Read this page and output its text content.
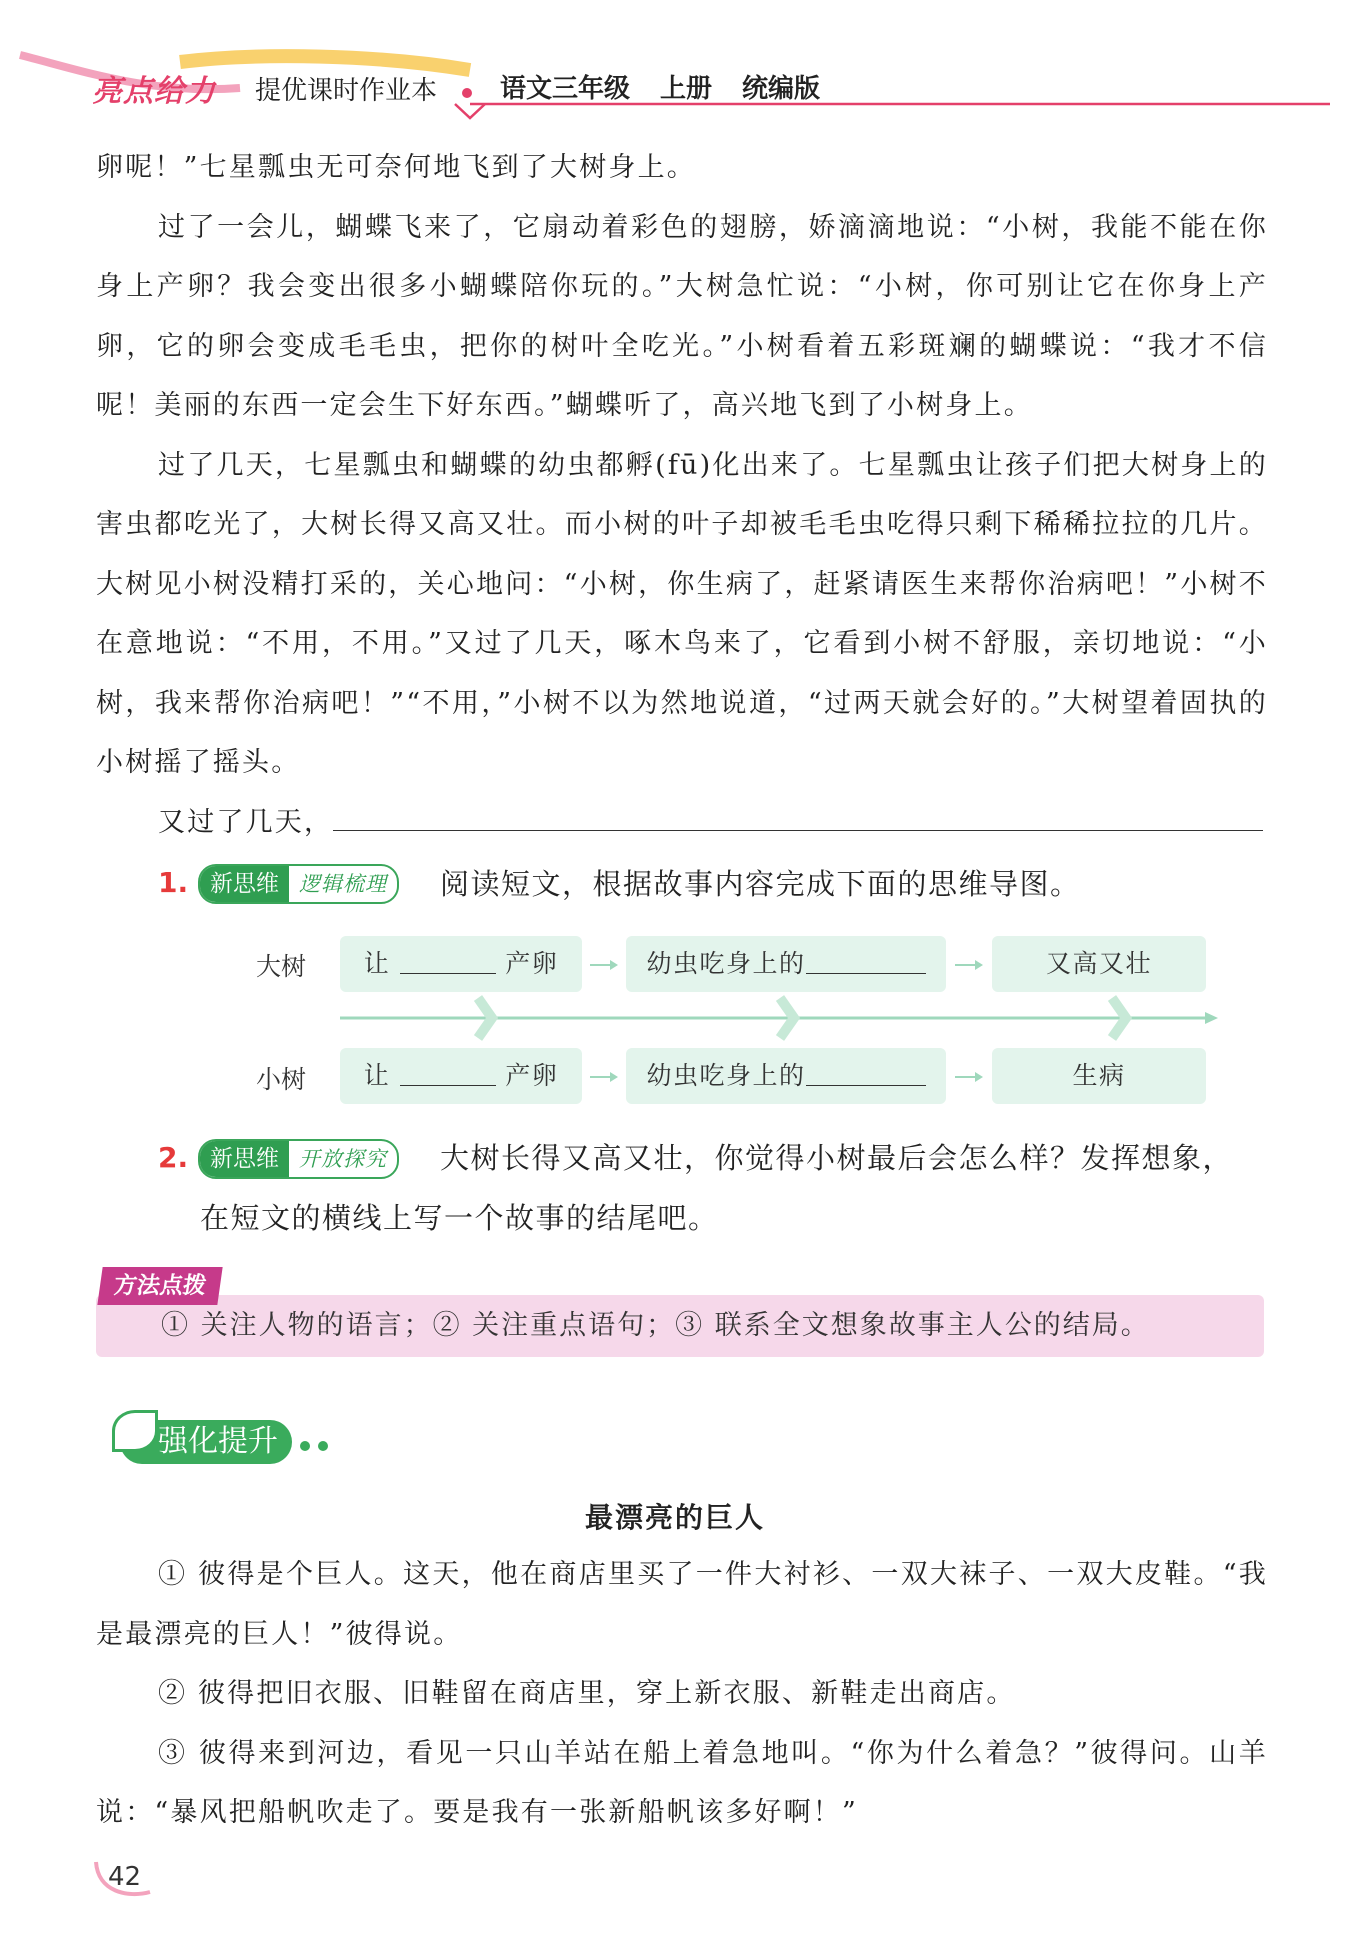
亮点给力 提优课时作业本 语文三年级 上册 统编版
卵呢！”七星瓢虫无可奈何地飞到了大树身上。
过了一会儿，蝴蝶飞来了，它扇动着彩色的翅膀，娇滴滴地说：“小树，我能不能在你身上产卵？我会变出很多小蝴蝶陪你玩的。”大树急忙说：“小树，你可别让它在你身上产卵，它的卵会变成毛毛虫，把你的树叶全吃光。”小树看着五彩斑斓的蝴蝶说：“我才不信呢！美丽的东西一定会生下好东西。”蝴蝶听了，高兴地飞到了小树身上。
过了几天，七星瓢虫和蝴蝶的幼虫都孵(fū)化出来了。七星瓢虫让孩子们把大树身上的害虫都吃光了，大树长得又高又壮。而小树的叶子却被毛毛虫吃得只剩下稀稀拉拉的几片。大树见小树没精打采的，关心地问：“小树，你生病了，赶紧请医生来帮你治病吧！”小树不在意地说：“不用，不用。”又过了几天，啄木鸟来了，它看到小树不舒服，亲切地说：“小树，我来帮你治病吧！”“不用，”小树不以为然地说道，“过两天就会好的。”大树望着固执的小树摇了摇头。
又过了几天，
1. 新思维 逻辑梳理	阅读短文，根据故事内容完成下面的思维导图。
大树	让	产卵	幼虫吃身上的	又高又壮
小树	让	产卵	幼虫吃身上的	生病
2. 新思维 开放探究	大树长得又高又壮，你觉得小树最后会怎么样？发挥想象，
在短文的横线上写一个故事的结尾吧。
① 关注人物的语言；② 关注重点语句；③ 联系全文想象故事主人公的结局。
方法点拨
强化提升
最漂亮的巨人
① 彼得是个巨人。这天，他在商店里买了一件大衬衫、一双大袜子、一双大皮鞋。“我是最漂亮的巨人！”彼得说。
② 彼得把旧衣服、旧鞋留在商店里，穿上新衣服、新鞋走出商店。
③ 彼得来到河边，看见一只山羊站在船上着急地叫。“你为什么着急？”彼得问。山羊说：“暴风把船帆吹走了。要是我有一张新船帆该多好啊！”
42
